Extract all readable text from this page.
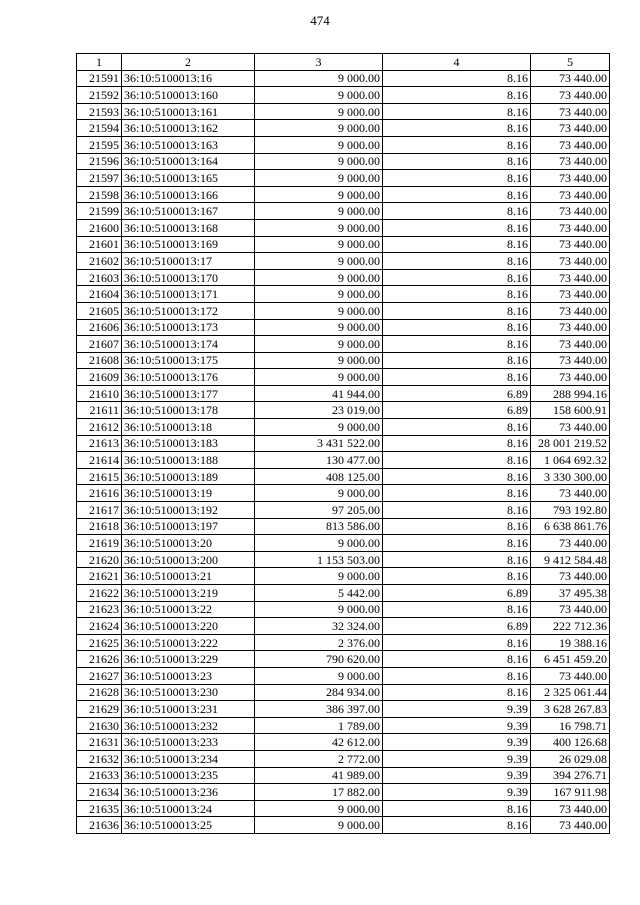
474
1	2	3	4	5
21591	36:10:5100013:16	9 000.00	8.16	73 440.00
21592	36:10:5100013:160	9 000.00	8.16	73 440.00
21593	36:10:5100013:161	9 000.00	8.16	73 440.00
21594	36:10:5100013:162	9 000.00	8.16	73 440.00
21595	36:10:5100013:163	9 000.00	8.16	73 440.00
21596	36:10:5100013:164	9 000.00	8.16	73 440.00
21597	36:10:5100013:165	9 000.00	8.16	73 440.00
21598	36:10:5100013:166	9 000.00	8.16	73 440.00
21599	36:10:5100013:167	9 000.00	8.16	73 440.00
21600	36:10:5100013:168	9 000.00	8.16	73 440.00
21601	36:10:5100013:169	9 000.00	8.16	73 440.00
21602	36:10:5100013:17	9 000.00	8.16	73 440.00
21603	36:10:5100013:170	9 000.00	8.16	73 440.00
21604	36:10:5100013:171	9 000.00	8.16	73 440.00
21605	36:10:5100013:172	9 000.00	8.16	73 440.00
21606	36:10:5100013:173	9 000.00	8.16	73 440.00
21607	36:10:5100013:174	9 000.00	8.16	73 440.00
21608	36:10:5100013:175	9 000.00	8.16	73 440.00
21609	36:10:5100013:176	9 000.00	8.16	73 440.00
21610	36:10:5100013:177	41 944.00	6.89	288 994.16
21611	36:10:5100013:178	23 019.00	6.89	158 600.91
21612	36:10:5100013:18	9 000.00	8.16	73 440.00
21613	36:10:5100013:183	3 431 522.00	8.16	28 001 219.52
21614	36:10:5100013:188	130 477.00	8.16	1 064 692.32
21615	36:10:5100013:189	408 125.00	8.16	3 330 300.00
21616	36:10:5100013:19	9 000.00	8.16	73 440.00
21617	36:10:5100013:192	97 205.00	8.16	793 192.80
21618	36:10:5100013:197	813 586.00	8.16	6 638 861.76
21619	36:10:5100013:20	9 000.00	8.16	73 440.00
21620	36:10:5100013:200	1 153 503.00	8.16	9 412 584.48
21621	36:10:5100013:21	9 000.00	8.16	73 440.00
21622	36:10:5100013:219	5 442.00	6.89	37 495.38
21623	36:10:5100013:22	9 000.00	8.16	73 440.00
21624	36:10:5100013:220	32 324.00	6.89	222 712.36
21625	36:10:5100013:222	2 376.00	8.16	19 388.16
21626	36:10:5100013:229	790 620.00	8.16	6 451 459.20
21627	36:10:5100013:23	9 000.00	8.16	73 440.00
21628	36:10:5100013:230	284 934.00	8.16	2 325 061.44
21629	36:10:5100013:231	386 397.00	9.39	3 628 267.83
21630	36:10:5100013:232	1 789.00	9.39	16 798.71
21631	36:10:5100013:233	42 612.00	9.39	400 126.68
21632	36:10:5100013:234	2 772.00	9.39	26 029.08
21633	36:10:5100013:235	41 989.00	9.39	394 276.71
21634	36:10:5100013:236	17 882.00	9.39	167 911.98
21635	36:10:5100013:24	9 000.00	8.16	73 440.00
21636	36:10:5100013:25	9 000.00	8.16	73 440.00
